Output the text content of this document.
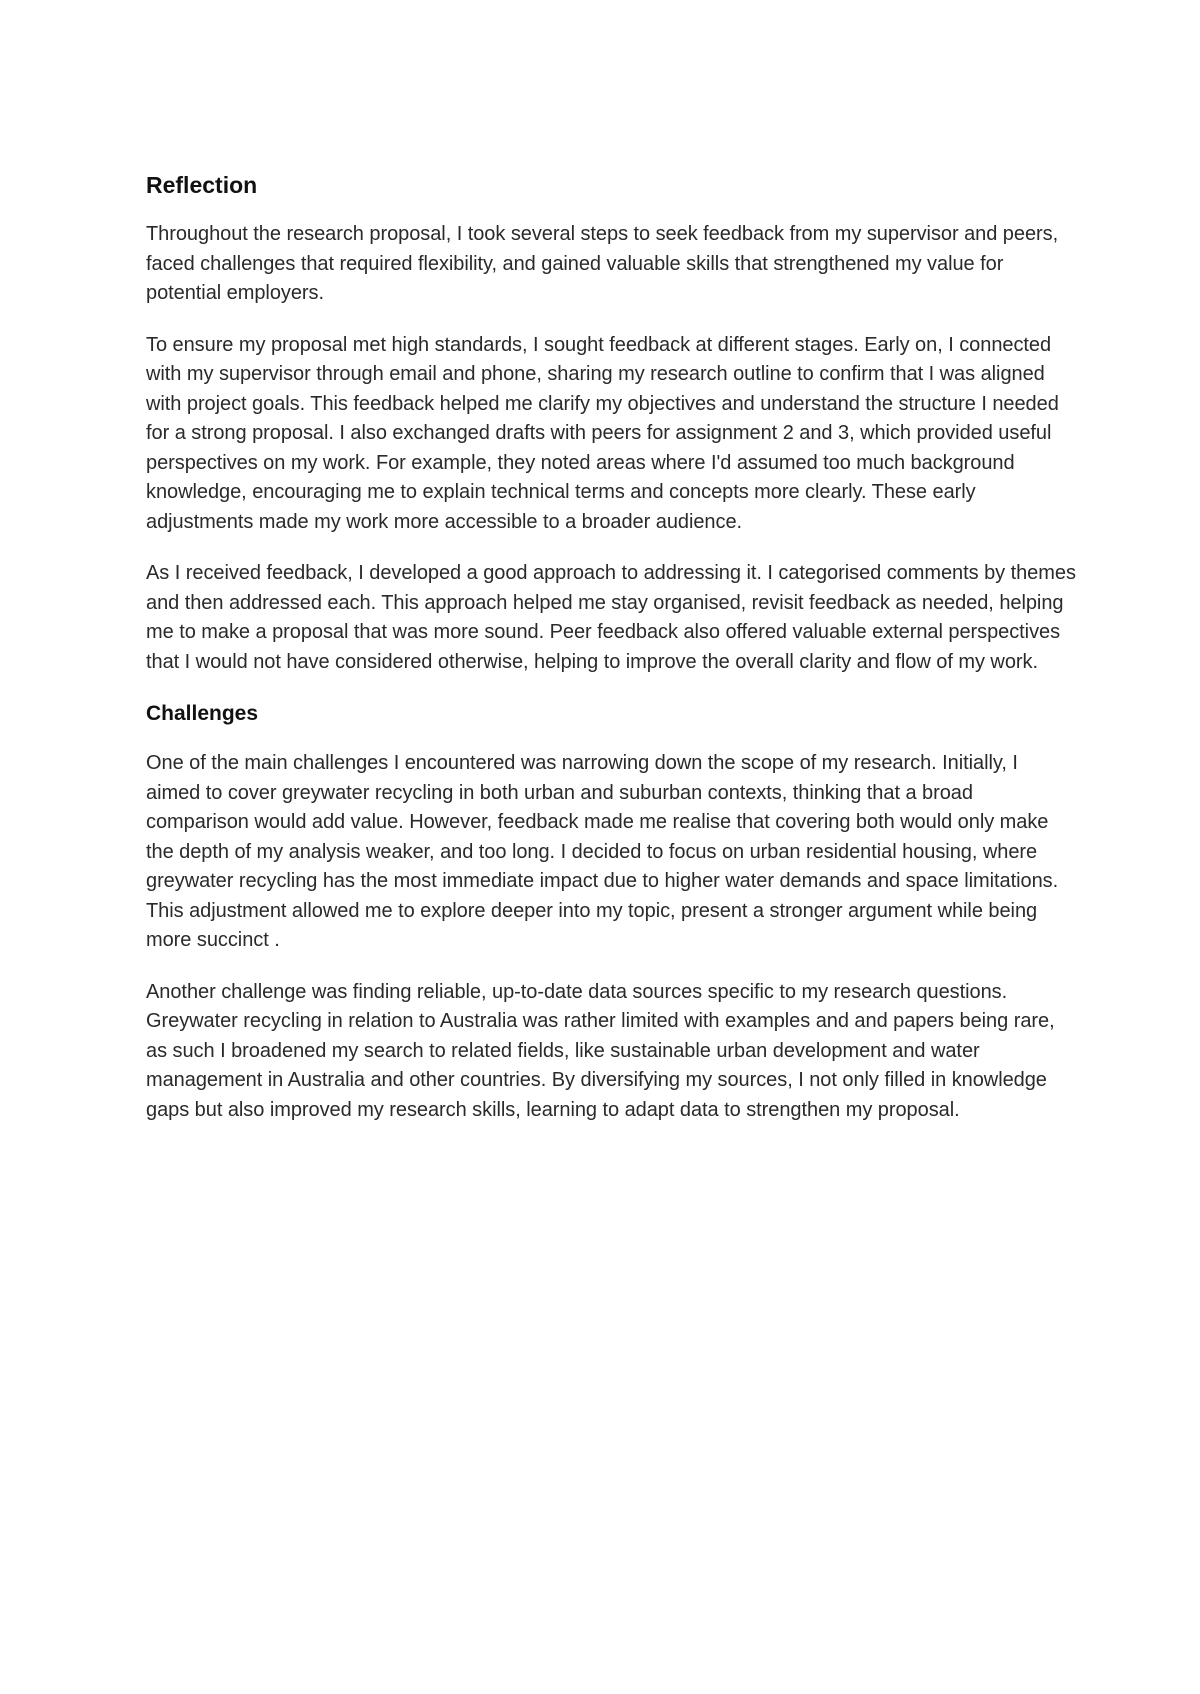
Reflection

Throughout the research proposal, I took several steps to seek feedback from my supervisor and peers, faced challenges that required flexibility, and gained valuable skills that strengthened my value for potential employers.

To ensure my proposal met high standards, I sought feedback at different stages. Early on, I connected with my supervisor through email and phone, sharing my research outline to confirm that I was aligned with project goals. This feedback helped me clarify my objectives and understand the structure I needed for a strong proposal. I also exchanged drafts with peers for assignment 2 and 3, which provided useful perspectives on my work. For example, they noted areas where I'd assumed too much background knowledge, encouraging me to explain technical terms and concepts more clearly. These early adjustments made my work more accessible to a broader audience.

As I received feedback, I developed a good approach to addressing it. I categorised comments by themes and then addressed each. This approach helped me stay organised, revisit feedback as needed, helping me to make a proposal that was more sound. Peer feedback also offered valuable external perspectives that I would not have considered otherwise, helping to improve the overall clarity and flow of my work.

Challenges

One of the main challenges I encountered was narrowing down the scope of my research. Initially, I aimed to cover greywater recycling in both urban and suburban contexts, thinking that a broad comparison would add value. However, feedback made me realise that covering both would only make the depth of my analysis weaker, and too long. I decided to focus on urban residential housing, where greywater recycling has the most immediate impact due to higher water demands and space limitations. This adjustment allowed me to explore deeper into my topic, present a stronger argument while being more succinct .

Another challenge was finding reliable, up-to-date data sources specific to my research questions. Greywater recycling in relation to Australia was rather limited with examples and and papers being rare, as such I broadened my search to related fields, like sustainable urban development and water management in Australia and other countries. By diversifying my sources, I not only filled in knowledge gaps but also improved my research skills, learning to adapt data to strengthen my proposal.
